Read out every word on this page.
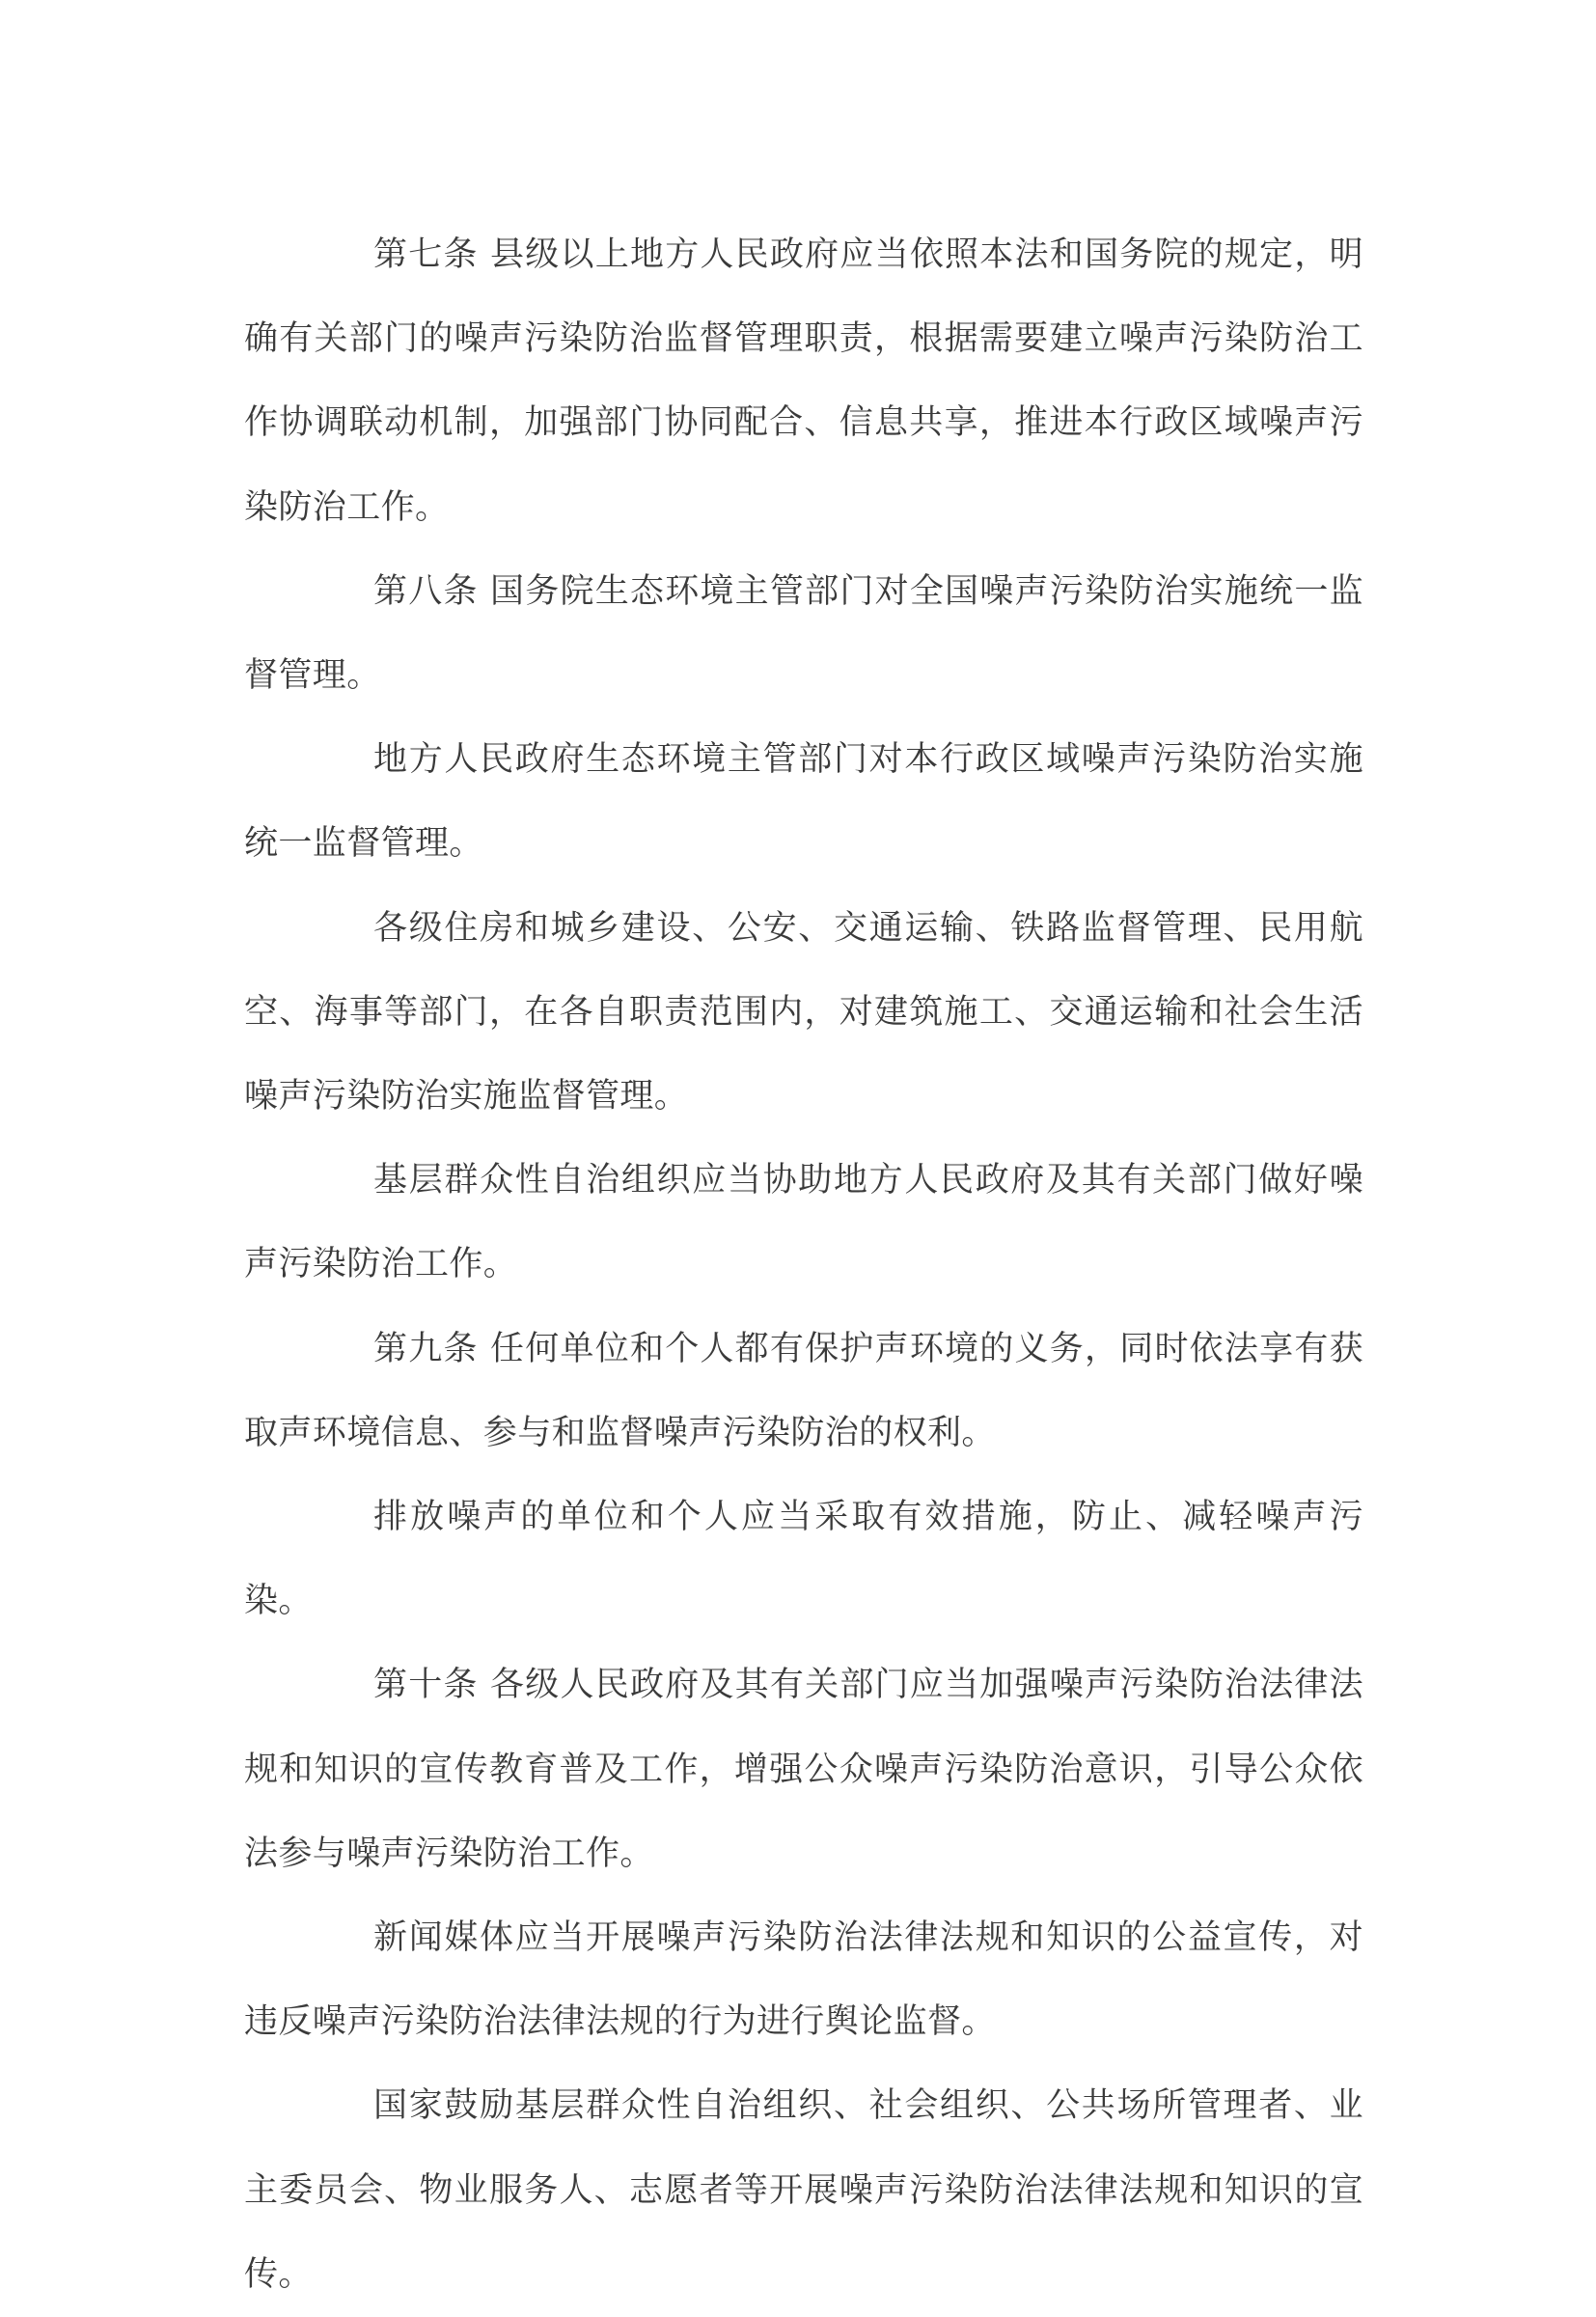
第七条 县级以上地方人民政府应当依照本法和国务院的规定，明确有关部门的噪声污染防治监督管理职责，根据需要建立噪声污染防治工作协调联动机制，加强部门协同配合、信息共享，推进本行政区域噪声污染防治工作。

第八条 国务院生态环境主管部门对全国噪声污染防治实施统一监督管理。

地方人民政府生态环境主管部门对本行政区域噪声污染防治实施统一监督管理。

各级住房和城乡建设、公安、交通运输、铁路监督管理、民用航空、海事等部门，在各自职责范围内，对建筑施工、交通运输和社会生活噪声污染防治实施监督管理。

基层群众性自治组织应当协助地方人民政府及其有关部门做好噪声污染防治工作。

第九条 任何单位和个人都有保护声环境的义务，同时依法享有获取声环境信息、参与和监督噪声污染防治的权利。

排放噪声的单位和个人应当采取有效措施，防止、减轻噪声污染。

第十条 各级人民政府及其有关部门应当加强噪声污染防治法律法规和知识的宣传教育普及工作，增强公众噪声污染防治意识，引导公众依法参与噪声污染防治工作。

新闻媒体应当开展噪声污染防治法律法规和知识的公益宣传，对违反噪声污染防治法律法规的行为进行舆论监督。

国家鼓励基层群众性自治组织、社会组织、公共场所管理者、业主委员会、物业服务人、志愿者等开展噪声污染防治法律法规和知识的宣传。
